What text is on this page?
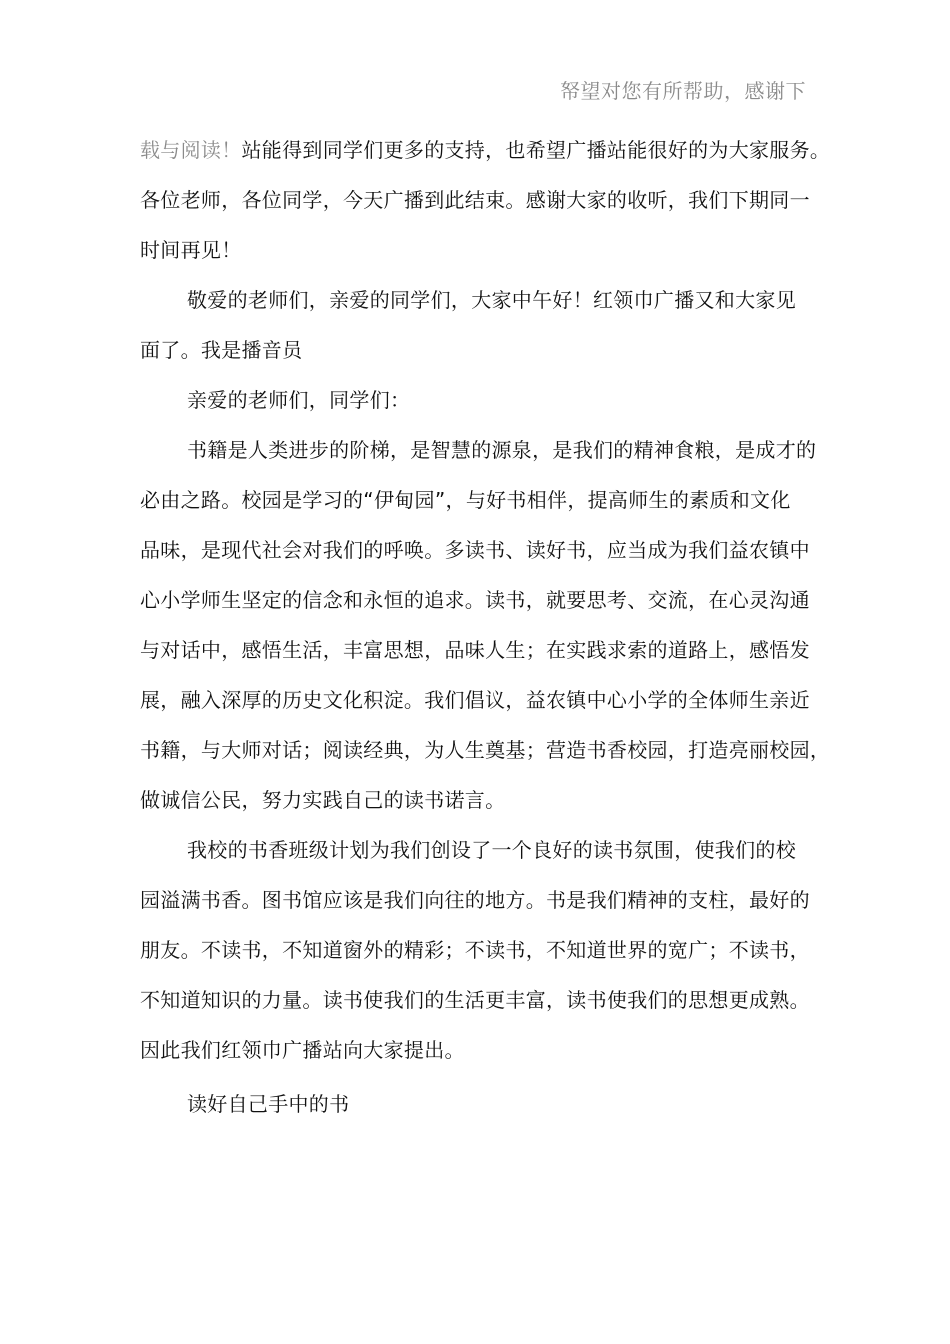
帑望对您有所帮助，感谢下
载与阅读！站能得到同学们更多的支持，也希望广播站能很好的为大家服务。
各位老师，各位同学，今天广播到此结束。感谢大家的收听，我们下期同一
时间再见！
敬爱的老师们，亲爱的同学们，大家中午好！红领巾广播又和大家见
面了。我是播音员
亲爱的老师们，同学们：
书籍是人类进步的阶梯，是智慧的源泉，是我们的精神食粮，是成才的
必由之路。校园是学习的“伊甸园”，与好书相伴，提高师生的素质和文化
品味，是现代社会对我们的呼唤。多读书、读好书，应当成为我们益农镇中
心小学师生坚定的信念和永恒的追求。读书，就要思考、交流，在心灵沟通
与对话中，感悟生活，丰富思想，品味人生；在实践求索的道路上，感悟发
展，融入深厚的历史文化积淀。我们倡议，益农镇中心小学的全体师生亲近
书籍，与大师对话；阅读经典，为人生奠基；营造书香校园，打造亮丽校园，
做诚信公民，努力实践自己的读书诺言。
我校的书香班级计划为我们创设了一个良好的读书氛围，使我们的校
园溢满书香。图书馆应该是我们向往的地方。书是我们精神的支柱，最好的
朋友。不读书，不知道窗外的精彩；不读书，不知道世界的宽广；不读书，
不知道知识的力量。读书使我们的生活更丰富，读书使我们的思想更成熟。
因此我们红领巾广播站向大家提出。
读好自己手中的书
